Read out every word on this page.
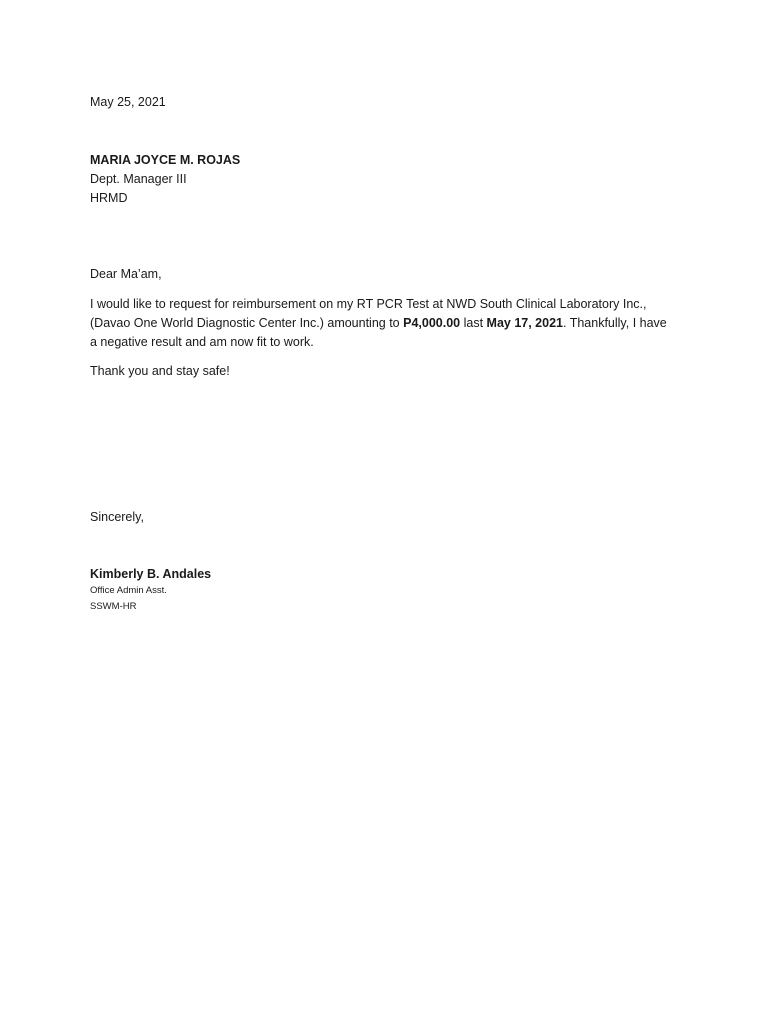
May 25, 2021
MARIA JOYCE M. ROJAS
Dept. Manager III
HRMD
Dear Ma’am,
I would like to request for reimbursement on my RT PCR Test at NWD South Clinical Laboratory Inc.,
(Davao One World Diagnostic Center Inc.) amounting to P4,000.00 last May 17, 2021. Thankfully, I have
a negative result and am now fit to work.
Thank you and stay safe!
Sincerely,
Kimberly B. Andales
Office Admin Asst.
SSWM-HR
